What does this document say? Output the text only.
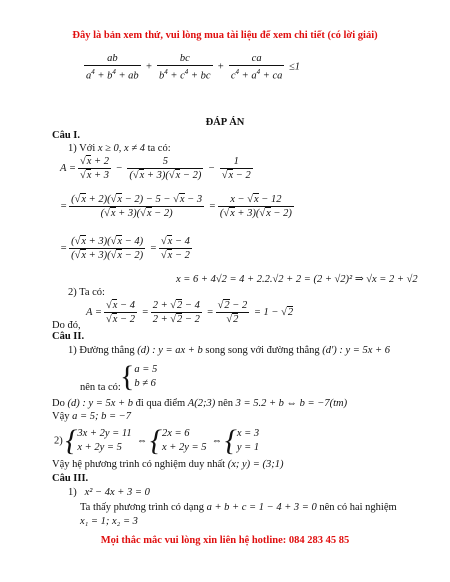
Đây là bản xem thử, vui lòng mua tài liệu để xem chi tiết (có lời giải)
$\frac{ab}{a^4 + b^4 + ab} + \frac{bc}{b^4 + c^4 + bc} + \frac{ca}{c^4 + a^4 + ca} \le 1$
ĐÁP ÁN
Câu I.
1) Với x ≥ 0, x ≠ 4 ta có:
A = √ x + 2
√ $x + 3 - \frac{5}{( √ x + 3)( √ x - 2)} - 1$
√ x − 2
= $\frac{( √ x + 2)( √ x - 2) - 5 - √ x - 3}{( √ x + 3)( √ x - 2)} = \frac{x - √ x - 12}{( √ x + 3)( √ x - 2)}$
= $\frac{( √ x + 3)( √ x - 4)}{( √ x + 3)( √ x - 2)}$ = √ x − 4
√ x − 2
x = 6 + 4√2 = 4 + 2.2.√2 + 2 = (2 + √2)² ⇒ √x = 2 + √2
2) Ta có:
A = √ x − 4
√ $x - 2 = \frac{2 + √ 2 - 4}{2 + √ 2 - 2}$ = √ 2 − 2
√ 2 = 1 − √ 2
Do đó,
Câu II.
1) Đường thẳng (d) : y = ax + b song song với đường thẳng (d') : y = 5x + 6
{a = 5
b ≠ 6
nên ta có:
Do (d) : y = 5x + b đi qua điểm A(2;3) nên 3 = 5.2 + b ⇔ b = −7(tm)
Vậy a = 5; b = −7
2) {3x + 2y = 11
x + 2y = 5  ⇔ {2x = 6
x + 2y = 5  ⇔ {x = 3
y = 1
Vậy hệ phương trình có nghiệm duy nhất (x; y) = (3;1)
Câu III.
1) x² − 4x + 3 = 0
Ta thấy phương trình có dạng a + b + c = 1 − 4 + 3 = 0 nên có hai nghiệm
x₁ = 1; x₂ = 3
Mọi thắc mắc vui lòng xin liên hệ hotline: 084 283 45 85
